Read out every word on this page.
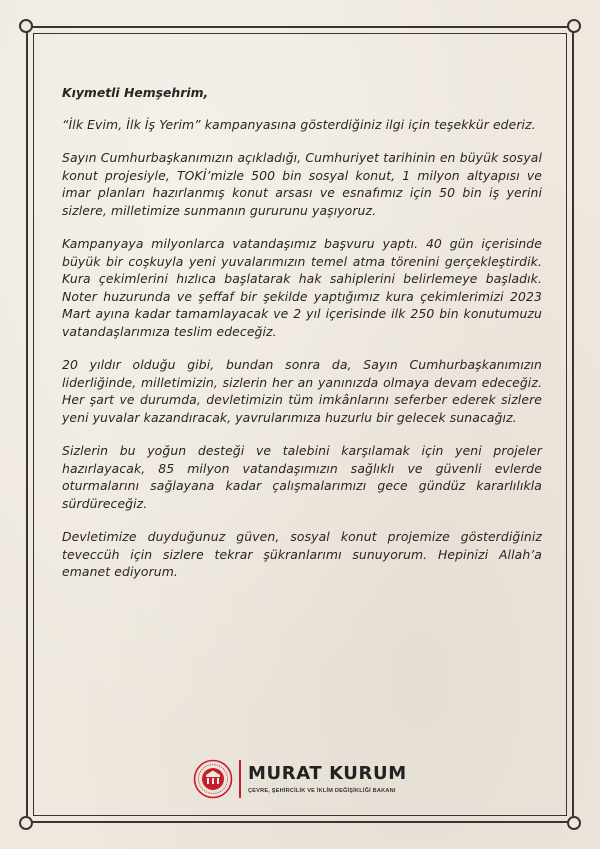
Kıymetli Hemşehrim,

“İlk Evim, İlk İş Yerim” kampanyasına gösterdiğiniz ilgi için teşekkür ederiz.

Sayın Cumhurbaşkanımızın açıkladığı, Cumhuriyet tarihinin en büyük sosyal konut projesiyle, TOKİ’mizle 500 bin sosyal konut, 1 milyon altyapısı ve imar planları hazırlanmış konut arsası ve esnafımız için 50 bin iş yerini sizlere, milletimize sunmanın gururunu yaşıyoruz.

Kampanyaya milyonlarca vatandaşımız başvuru yaptı. 40 gün içerisinde büyük bir coşkuyla yeni yuvalarımızın temel atma törenini gerçekleştirdik. Kura çekimlerini hızlıca başlatarak hak sahiplerini belirlemeye başladık. Noter huzurunda ve şeffaf bir şekilde yaptığımız kura çekimlerimizi 2023 Mart ayına kadar tamamlayacak ve 2 yıl içerisinde ilk 250 bin konutumuzu vatandaşlarımıza teslim edeceğiz.

20 yıldır olduğu gibi, bundan sonra da, Sayın Cumhurbaşkanımızın liderliğinde, milletimizin, sizlerin her an yanınızda olmaya devam edeceğiz. Her şart ve durumda, devletimizin tüm imkânlarını seferber ederek sizlere yeni yuvalar kazandıracak, yavrularımıza huzurlu bir gelecek sunacağız.

Sizlerin bu yoğun desteği ve talebini karşılamak için yeni projeler hazırlayacak, 85 milyon vatandaşımızın sağlıklı ve güvenli evlerde oturmalarını sağlayana kadar çalışmalarımızı gece gündüz kararlılıkla sürdüreceğiz.

Devletimize duyduğunuz güven, sosyal konut projemize gösterdiğiniz teveccüh için sizlere tekrar şükranlarımı sunuyorum. Hepinizi Allah’a emanet ediyorum.

MURAT KURUM
ÇEVRE, ŞEHİRCİLİK VE İKLİM DEĞİŞİKLİĞİ BAKANI
